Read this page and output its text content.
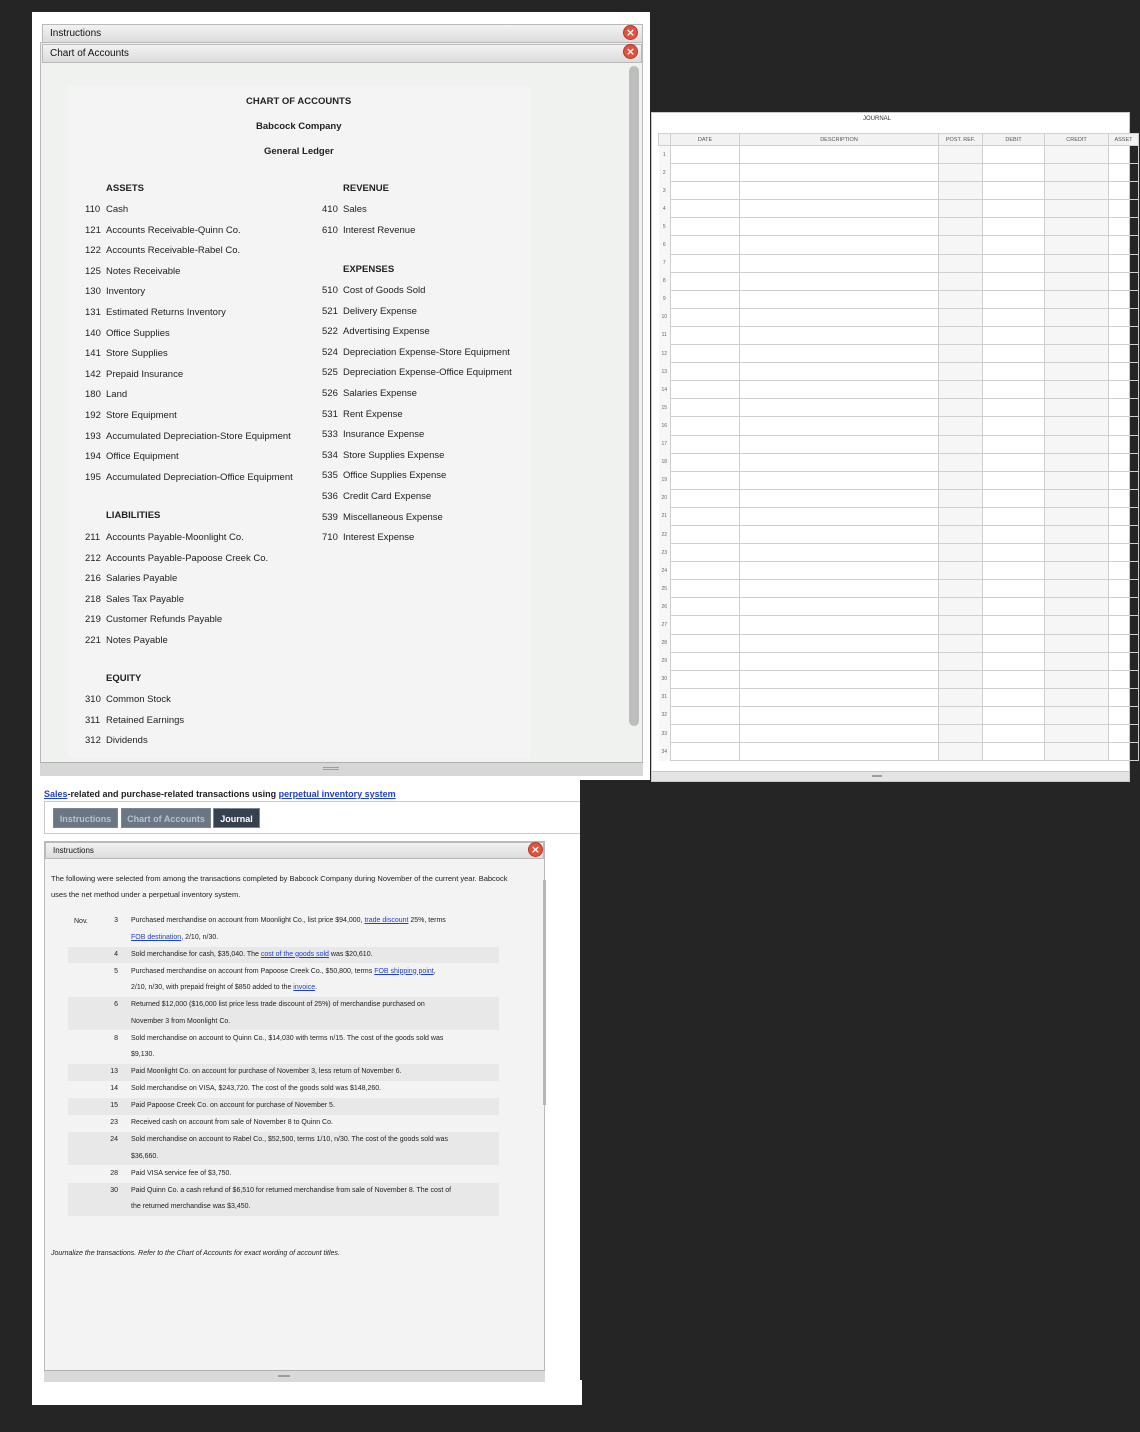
Instructions	×
Chart of Accounts	×
CHART OF ACCOUNTS
Babcock Company
General Ledger
ASSETS	REVENUE
EXPENSES
LIABILITIES
EQUITY
110 Cash
121 Accounts Receivable-Quinn Co.
122 Accounts Receivable-Rabel Co.
125 Notes Receivable
130 Inventory
131 Estimated Returns Inventory
140 Office Supplies
141 Store Supplies
142 Prepaid Insurance
180 Land
192 Store Equipment
193 Accumulated Depreciation-Store Equipment
194 Office Equipment
195 Accumulated Depreciation-Office Equipment
211 Accounts Payable-Moonlight Co.
212 Accounts Payable-Papoose Creek Co.
216 Salaries Payable
218 Sales Tax Payable
219 Customer Refunds Payable
221 Notes Payable
310 Common Stock
311 Retained Earnings
312 Dividends
410 Sales
610 Interest Revenue
510 Cost of Goods Sold
521 Delivery Expense
522 Advertising Expense
524 Depreciation Expense-Store Equipment
525 Depreciation Expense-Office Equipment
526 Salaries Expense
531 Rent Expense
533 Insurance Expense
534 Store Supplies Expense
535 Office Supplies Expense
536 Credit Card Expense
539 Miscellaneous Expense
710 Interest Expense
JOURNAL
	DATE	DESCRIPTION	POST. REF.	DEBIT	CREDIT	ASSET
1						
2						
3						
4						
5						
6						
7						
8						
9						
10						
11						
12						
13						
14						
15						
16						
17						
18						
19						
20						
21						
22						
23						
24						
25						
26						
27						
28						
29						
30						
31						
32						
33						
34						
Sales-related and purchase-related transactions using perpetual inventory system
Instructions	Chart of Accounts	Journal
Instructions	×
The following were selected from among the transactions completed by Babcock Company during November of the current year. Babcock
uses the net method under a perpetual inventory system.
Nov.	3 Purchased merchandise on account from Moonlight Co., list price $94,000, trade discount 25%, terms
FOB destination, 2/10, n/30.
4 Sold merchandise for cash, $35,040. The cost of the goods sold was $20,610.
5 Purchased merchandise on account from Papoose Creek Co., $50,800, terms FOB shipping point,
2/10, n/30, with prepaid freight of $850 added to the invoice.
6 Returned $12,000 ($16,000 list price less trade discount of 25%) of merchandise purchased on
November 3 from Moonlight Co.
8 Sold merchandise on account to Quinn Co., $14,030 with terms n/15. The cost of the goods sold was
$9,130.
13 Paid Moonlight Co. on account for purchase of November 3, less return of November 6.
14 Sold merchandise on VISA, $243,720. The cost of the goods sold was $148,260.
15 Paid Papoose Creek Co. on account for purchase of November 5.
23 Received cash on account from sale of November 8 to Quinn Co.
24 Sold merchandise on account to Rabel Co., $52,500, terms 1/10, n/30. The cost of the goods sold was
$36,660.
28 Paid VISA service fee of $3,750.
30 Paid Quinn Co. a cash refund of $6,510 for returned merchandise from sale of November 8. The cost of
the returned merchandise was $3,450.
Journalize the transactions. Refer to the Chart of Accounts for exact wording of account titles.
